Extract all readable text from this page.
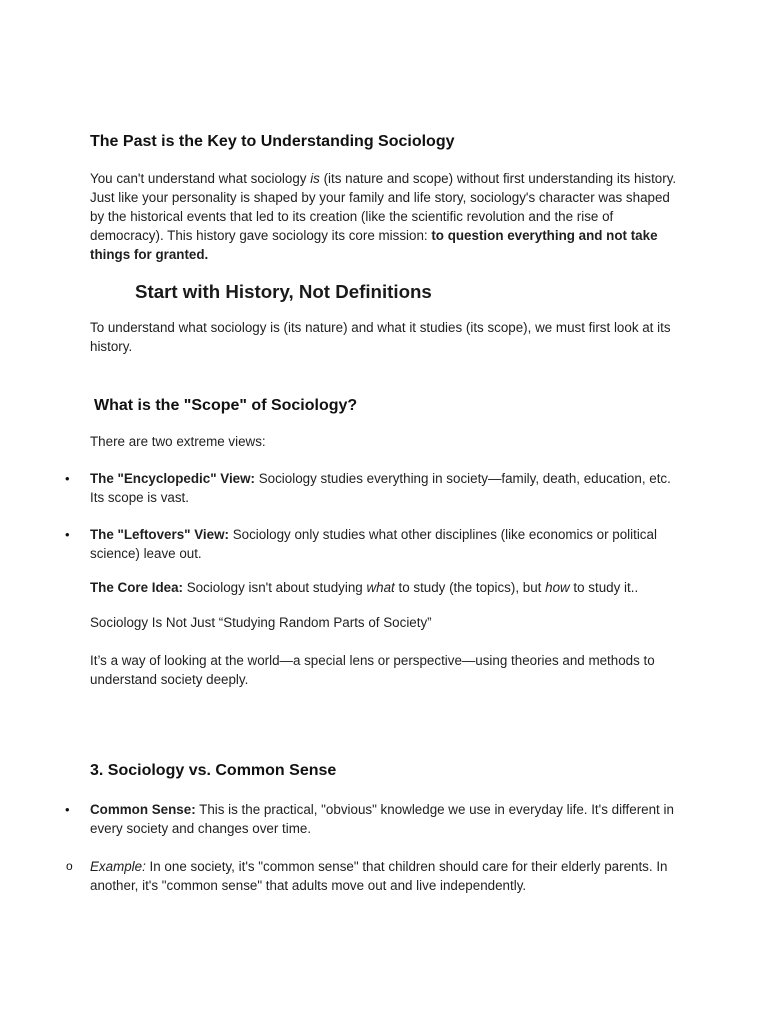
The Past is the Key to Understanding Sociology

You can't understand what sociology is (its nature and scope) without first understanding its history. Just like your personality is shaped by your family and life story, sociology's character was shaped by the historical events that led to its creation (like the scientific revolution and the rise of democracy). This history gave sociology its core mission: to question everything and not take things for granted.

Start with History, Not Definitions

To understand what sociology is (its nature) and what it studies (its scope), we must first look at its history.

What is the "Scope" of Sociology?

There are two extreme views:

• The "Encyclopedic" View: Sociology studies everything in society—family, death, education, etc. Its scope is vast.

• The "Leftovers" View: Sociology only studies what other disciplines (like economics or political science) leave out.

The Core Idea: Sociology isn't about studying what to study (the topics), but how to study it..

Sociology Is Not Just “Studying Random Parts of Society”

It’s a way of looking at the world—a special lens or perspective—using theories and methods to understand society deeply.

3. Sociology vs. Common Sense
• Common Sense: This is the practical, "obvious" knowledge we use in everyday life. It's different in every society and changes over time.

o Example: In one society, it's "common sense" that children should care for their elderly parents. In another, it's "common sense" that adults move out and live independently.
